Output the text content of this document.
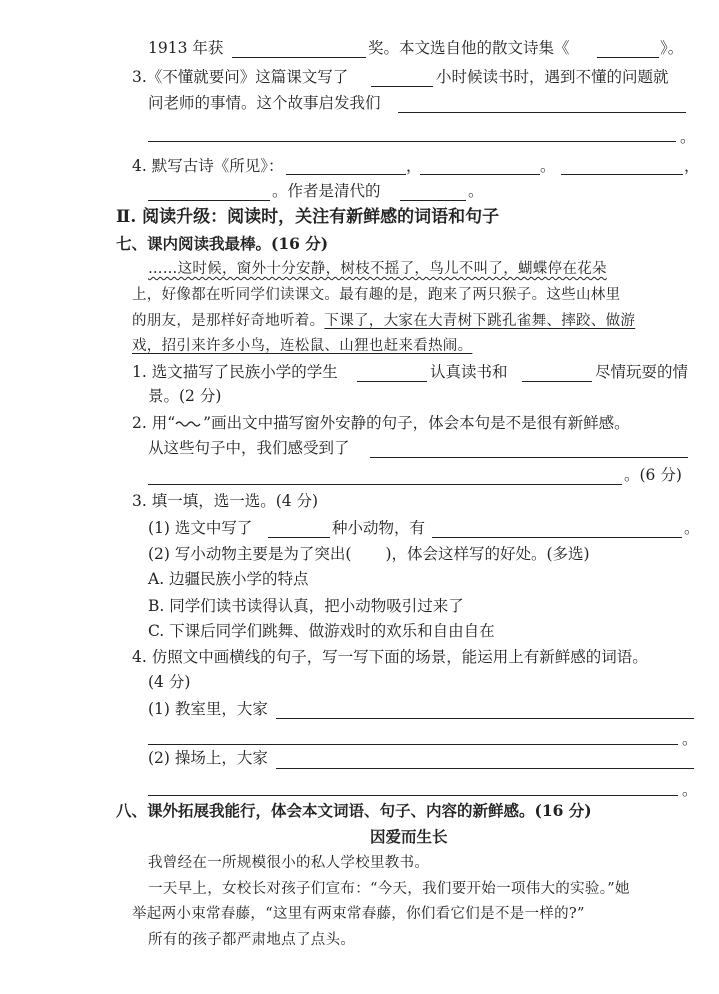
1913 年获	奖。本文选自他的散文诗集《	》。
3.《不懂就要问》这篇课文写了	小时候读书时，遇到不懂的问题就
问老师的事情。这个故事启发我们
。
4. 默写古诗《所见》：	，	。	，
。作者是清代的	。
Ⅱ. 阅读升级：阅读时，关注有新鲜感的词语和句子
七、课内阅读我最棒。(16 分)
……这时候，窗外十分安静，树枝不摇了，鸟儿不叫了，蝴蝶停在花朵
上，好像都在听同学们读课文。最有趣的是，跑来了两只猴子。这些山林里
的朋友，是那样好奇地听着。下课了，大家在大青树下跳孔雀舞、摔跤、做游
戏，招引来许多小鸟，连松鼠、山狸也赶来看热闹。
1. 选文描写了民族小学的学生	认真读书和	尽情玩耍的情
景。(2 分)
2. 用“ ”画出文中描写窗外安静的句子，体会本句是不是很有新鲜感。
从这些句子中，我们感受到了
。(6 分)
3. 填一填，选一选。(4 分)
(1) 选文中写了	种小动物，有	。
(2) 写小动物主要是为了突出( )，体会这样写的好处。(多选)
A. 边疆民族小学的特点
B. 同学们读书读得认真，把小动物吸引过来了
C. 下课后同学们跳舞、做游戏时的欢乐和自由自在
4. 仿照文中画横线的句子，写一写下面的场景，能运用上有新鲜感的词语。
(4 分)
(1) 教室里，大家
。
(2) 操场上，大家
。
八、课外拓展我能行，体会本文词语、句子、内容的新鲜感。(16 分)
因爱而生长
我曾经在一所规模很小的私人学校里教书。
一天早上，女校长对孩子们宣布：“今天，我们要开始一项伟大的实验。”她
举起两小束常春藤，“这里有两束常春藤，你们看它们是不是一样的?”
所有的孩子都严肃地点了点头。
